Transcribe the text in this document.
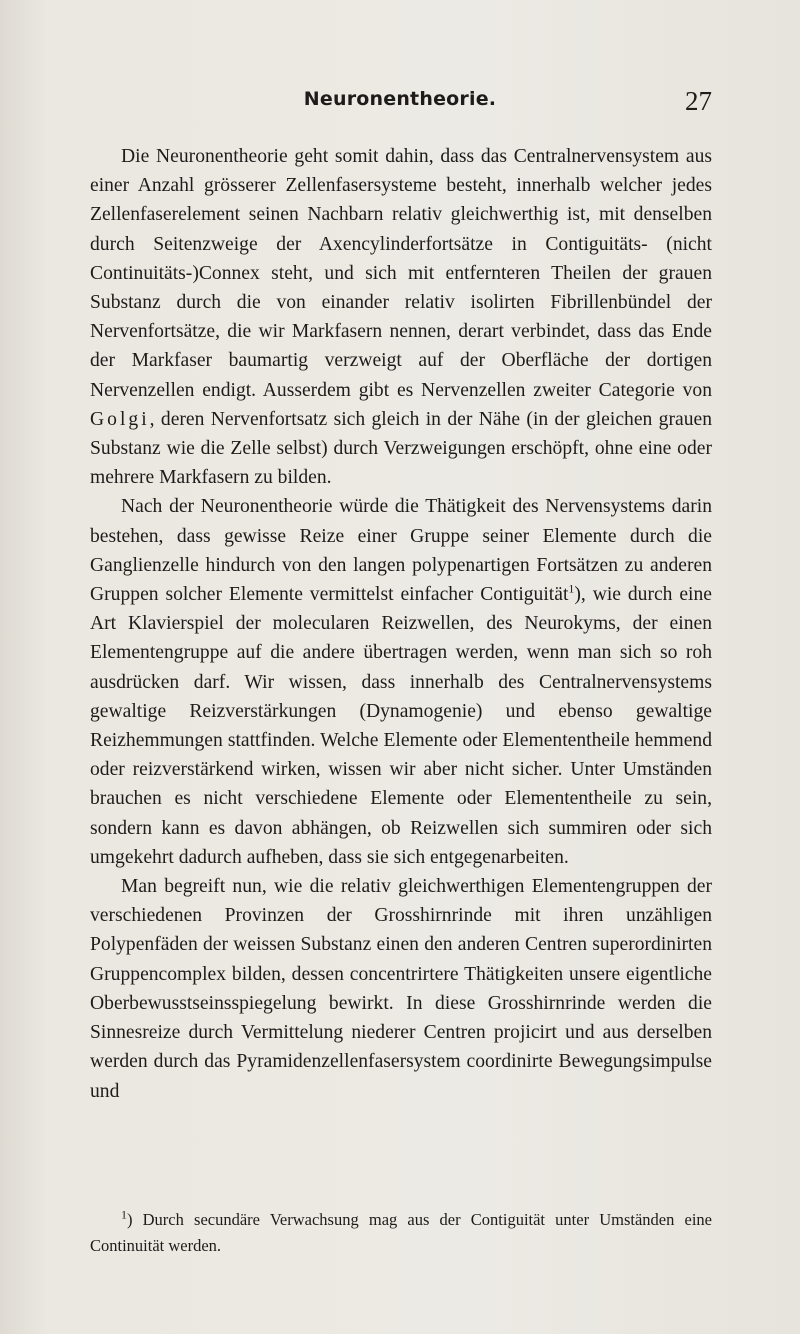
Neuronentheorie.	27

Die Neuronentheorie geht somit dahin, dass das Centralnervensystem aus einer Anzahl grösserer Zellenfasersysteme besteht, innerhalb welcher jedes Zellenfaserelement seinen Nachbarn relativ gleichwerthig ist, mit denselben durch Seitenzweige der Axencylinderfortsätze in Contiguitäts- (nicht Continuitäts-)Connex steht, und sich mit entfernteren Theilen der grauen Substanz durch die von einander relativ isolirten Fibrillenbündel der Nervenfortsätze, die wir Markfasern nennen, derart verbindet, dass das Ende der Markfaser baumartig verzweigt auf der Oberfläche der dortigen Nervenzellen endigt. Ausserdem gibt es Nervenzellen zweiter Categorie von Golgi, deren Nervenfortsatz sich gleich in der Nähe (in der gleichen grauen Substanz wie die Zelle selbst) durch Verzweigungen erschöpft, ohne eine oder mehrere Markfasern zu bilden.

Nach der Neuronentheorie würde die Thätigkeit des Nervensystems darin bestehen, dass gewisse Reize einer Gruppe seiner Elemente durch die Ganglienzelle hindurch von den langen polypenartigen Fortsätzen zu anderen Gruppen solcher Elemente vermittelst einfacher Contiguität$^1$), wie durch eine Art Klavierspiel der molecularen Reizwellen, des Neurokyms, der einen Elementengruppe auf die andere übertragen werden, wenn man sich so roh ausdrücken darf. Wir wissen, dass innerhalb des Centralnervensystems gewaltige Reizverstärkungen (Dynamogenie) und ebenso gewaltige Reizhemmungen stattfinden. Welche Elemente oder Elemententheile hemmend oder reizverstärkend wirken, wissen wir aber nicht sicher. Unter Umständen brauchen es nicht verschiedene Elemente oder Elemententheile zu sein, sondern kann es davon abhängen, ob Reizwellen sich summiren oder sich umgekehrt dadurch aufheben, dass sie sich entgegenarbeiten.

Man begreift nun, wie die relativ gleichwerthigen Elementengruppen der verschiedenen Provinzen der Grosshirnrinde mit ihren unzähligen Polypenfäden der weissen Substanz einen den anderen Centren superordinirten Gruppencomplex bilden, dessen concentrirtere Thätigkeiten unsere eigentliche Oberbewusstseinsspiegelung bewirkt. In diese Grosshirnrinde werden die Sinnesreize durch Vermittelung niederer Centren projicirt und aus derselben werden durch das Pyramidenzellenfasersystem coordinirte Bewegungsimpulse und

$^1$) Durch secundäre Verwachsung mag aus der Contiguität unter Umständen eine Continuität werden.
